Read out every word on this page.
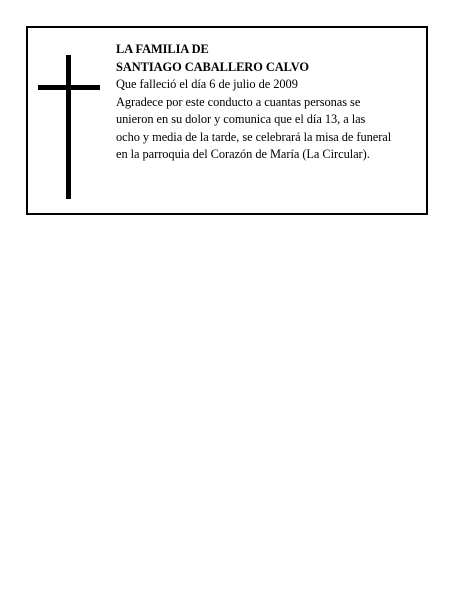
LA FAMILIA DE
SANTIAGO CABALLERO CALVO
Que falleció el día 6 de julio de 2009
Agradece por este conducto a cuantas personas se
unieron en su dolor y comunica que el día 13, a las
ocho y media de la tarde, se celebrará la misa de funeral
en la parroquia del Corazón de María (La Circular).
